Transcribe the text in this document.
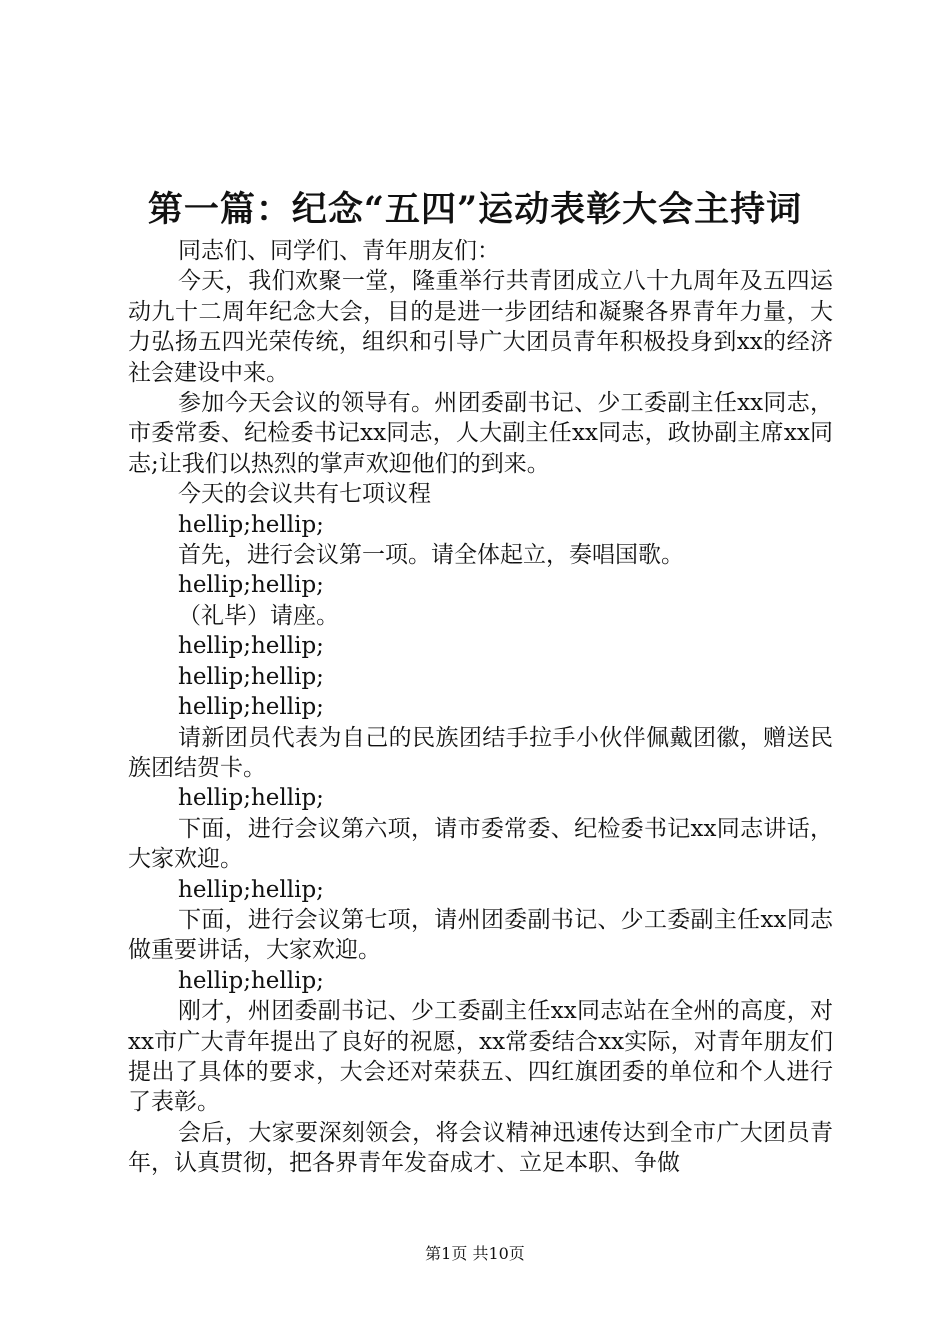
第一篇：纪念“五四”运动表彰大会主持词

同志们、同学们、青年朋友们：

今天，我们欢聚一堂，隆重举行共青团成立八十九周年及五四运动九十二周年纪念大会，目的是进一步团结和凝聚各界青年力量，大力弘扬五四光荣传统，组织和引导广大团员青年积极投身到xx的经济社会建设中来。

参加今天会议的领导有。州团委副书记、少工委副主任xx同志，市委常委、纪检委书记xx同志，人大副主任xx同志，政协副主席xx同志;让我们以热烈的掌声欢迎他们的到来。

今天的会议共有七项议程

hellip;hellip;

首先，进行会议第一项。请全体起立，奏唱国歌。

hellip;hellip;

（礼毕）请座。

hellip;hellip;

hellip;hellip;

hellip;hellip;

请新团员代表为自己的民族团结手拉手小伙伴佩戴团徽，赠送民族团结贺卡。

hellip;hellip;

下面，进行会议第六项，请市委常委、纪检委书记xx同志讲话，大家欢迎。

hellip;hellip;

下面，进行会议第七项，请州团委副书记、少工委副主任xx同志做重要讲话，大家欢迎。

hellip;hellip;

刚才，州团委副书记、少工委副主任xx同志站在全州的高度，对xx市广大青年提出了良好的祝愿，xx常委结合xx实际，对青年朋友们提出了具体的要求，大会还对荣获五、四红旗团委的单位和个人进行了表彰。

会后，大家要深刻领会，将会议精神迅速传达到全市广大团员青年，认真贯彻，把各界青年发奋成才、立足本职、争做

第1页 共10页
